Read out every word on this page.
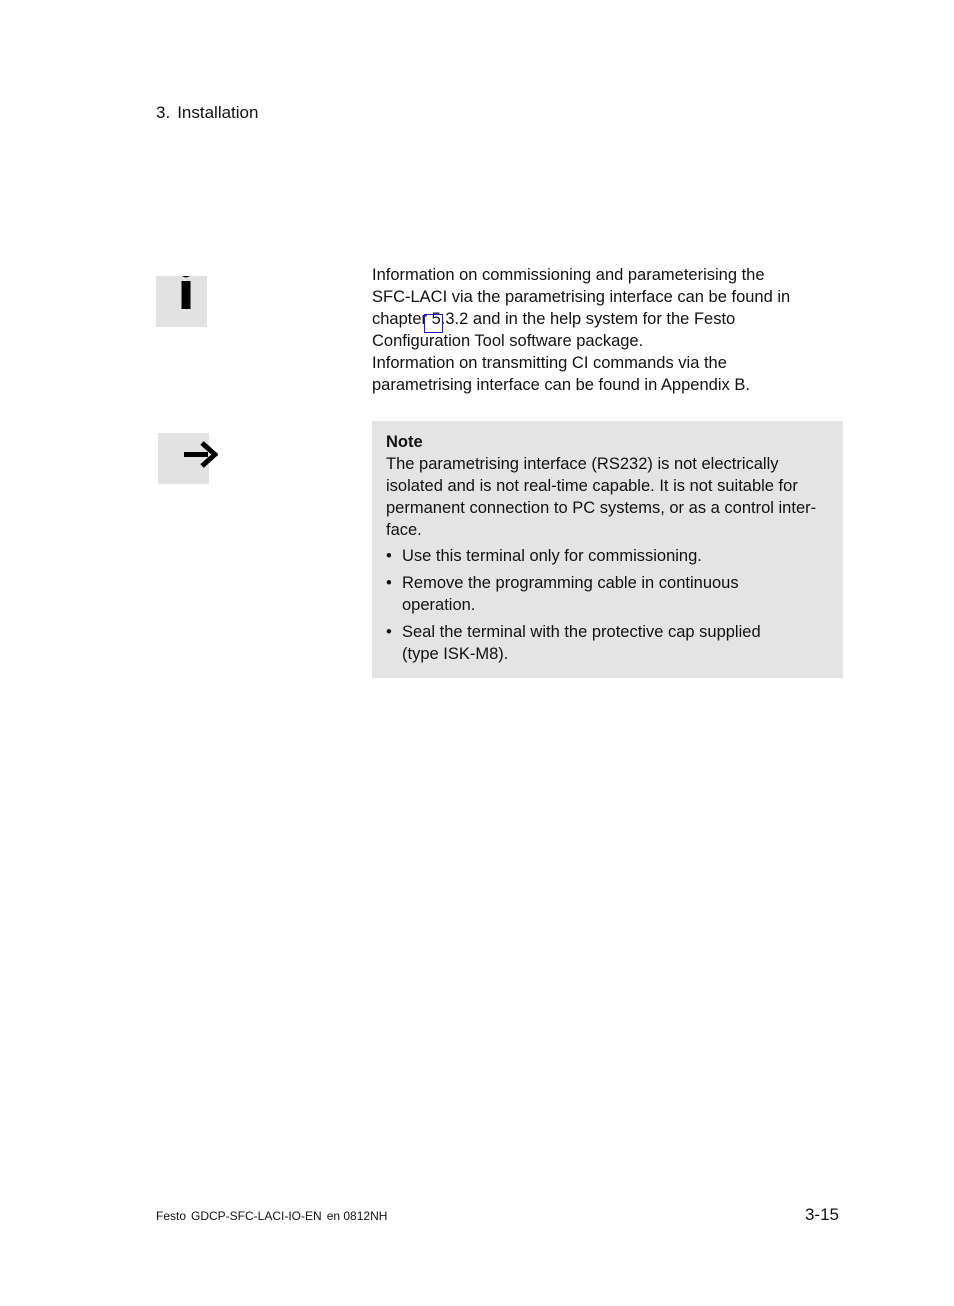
3. Installation

Information on commissioning and parameterising the

SFC-LACI via the parametrising interface can be found in

chapter 5.3.2 and in the help system for the Festo

Configuration Tool software package.

Information on transmitting CI commands via the

parametrising interface can be found in Appendix B.

Note

The parametrising interface (RS232) is not electrically

isolated and is not real-time capable. It is not suitable for

permanent connection to PC systems, or as a control inter-

face.

• Use this terminal only for commissioning.
• Remove the programming cable in continuous
operation.
• Seal the terminal with the protective cap supplied
(type ISK-M8).
Festo GDCP-SFC-LACI-IO-EN en 0812NH	3-15
